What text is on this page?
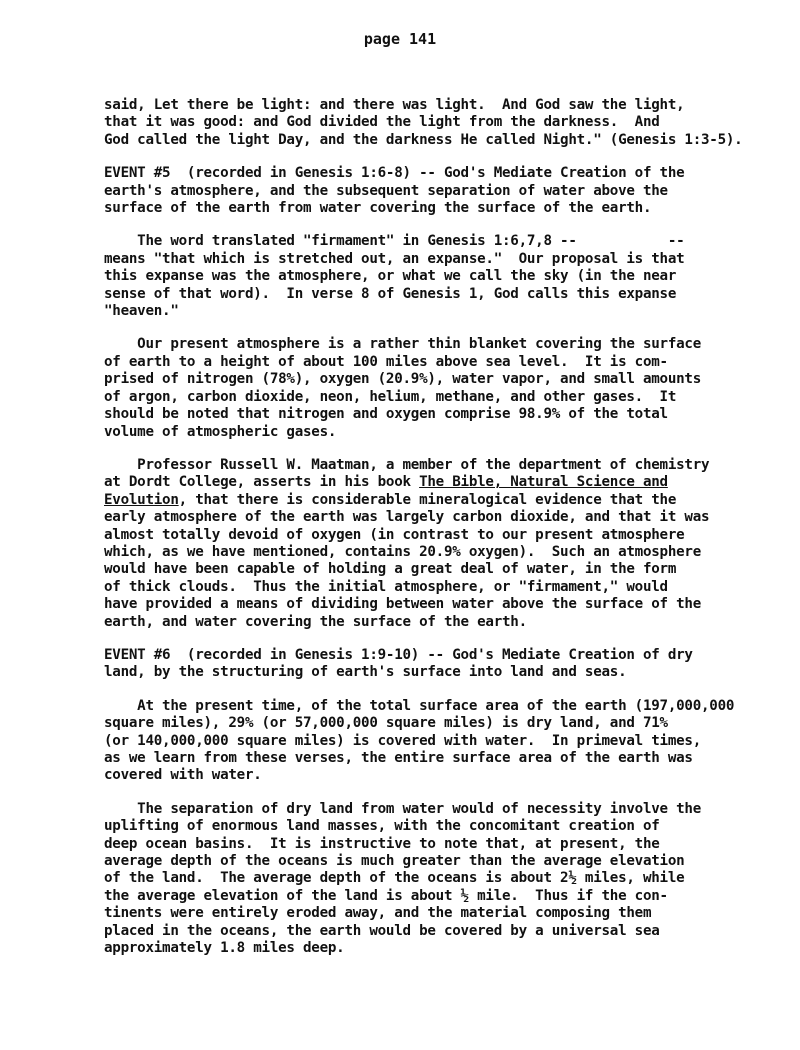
page 141
said, Let there be light: and there was light.  And God saw the light,
that it was good: and God divided the light from the darkness.  And
God called the light Day, and the darkness He called Night." (Genesis 1:3-5).
EVENT #5  (recorded in Genesis 1:6-8) -- God's Mediate Creation of the
earth's atmosphere, and the subsequent separation of water above the
surface of the earth from water covering the surface of the earth.
The word translated "firmament" in Genesis 1:6,7,8 --           --
means "that which is stretched out, an expanse."  Our proposal is that
this expanse was the atmosphere, or what we call the sky (in the near
sense of that word).  In verse 8 of Genesis 1, God calls this expanse
"heaven."
Our present atmosphere is a rather thin blanket covering the surface
of earth to a height of about 100 miles above sea level.  It is com-
prised of nitrogen (78%), oxygen (20.9%), water vapor, and small amounts
of argon, carbon dioxide, neon, helium, methane, and other gases.  It
should be noted that nitrogen and oxygen comprise 98.9% of the total
volume of atmospheric gases.
Professor Russell W. Maatman, a member of the department of chemistry
at Dordt College, asserts in his book The Bible, Natural Science and
Evolution, that there is considerable mineralogical evidence that the
early atmosphere of the earth was largely carbon dioxide, and that it was
almost totally devoid of oxygen (in contrast to our present atmosphere
which, as we have mentioned, contains 20.9% oxygen).  Such an atmosphere
would have been capable of holding a great deal of water, in the form
of thick clouds.  Thus the initial atmosphere, or "firmament," would
have provided a means of dividing between water above the surface of the
earth, and water covering the surface of the earth.
EVENT #6  (recorded in Genesis 1:9-10) -- God's Mediate Creation of dry
land, by the structuring of earth's surface into land and seas.
At the present time, of the total surface area of the earth (197,000,000
square miles), 29% (or 57,000,000 square miles) is dry land, and 71%
(or 140,000,000 square miles) is covered with water.  In primeval times,
as we learn from these verses, the entire surface area of the earth was
covered with water.
The separation of dry land from water would of necessity involve the
uplifting of enormous land masses, with the concomitant creation of
deep ocean basins.  It is instructive to note that, at present, the
average depth of the oceans is much greater than the average elevation
of the land.  The average depth of the oceans is about 2½ miles, while
the average elevation of the land is about ½ mile.  Thus if the con-
tinents were entirely eroded away, and the material composing them
placed in the oceans, the earth would be covered by a universal sea
approximately 1.8 miles deep.
